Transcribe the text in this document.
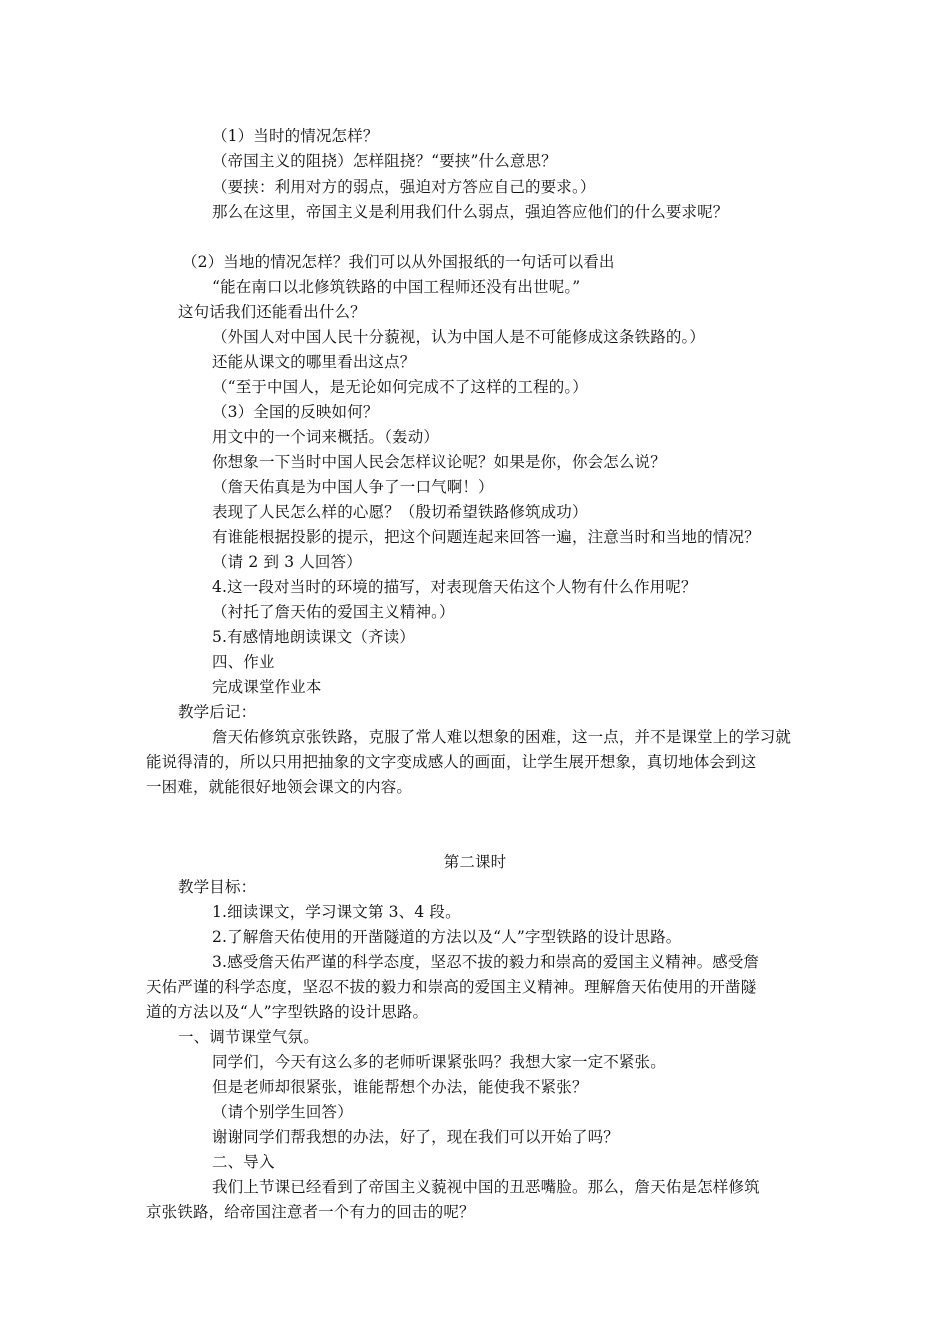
（1）当时的情况怎样？
（帝国主义的阻挠）怎样阻挠？“要挟”什么意思？
（要挟：利用对方的弱点，强迫对方答应自己的要求。）
那么在这里，帝国主义是利用我们什么弱点，强迫答应他们的什么要求呢？
（2）当地的情况怎样？我们可以从外国报纸的一句话可以看出
“能在南口以北修筑铁路的中国工程师还没有出世呢。”
这句话我们还能看出什么？
（外国人对中国人民十分藐视，认为中国人是不可能修成这条铁路的。）
还能从课文的哪里看出这点？
（“至于中国人，是无论如何完成不了这样的工程的。）
（3）全国的反映如何？
用文中的一个词来概括。（轰动）
你想象一下当时中国人民会怎样议论呢？如果是你，你会怎么说？
（詹天佑真是为中国人争了一口气啊！）
表现了人民怎么样的心愿？（殷切希望铁路修筑成功）
有谁能根据投影的提示，把这个问题连起来回答一遍，注意当时和当地的情况？
（请 2 到 3 人回答）
4.这一段对当时的环境的描写，对表现詹天佑这个人物有什么作用呢？
（衬托了詹天佑的爱国主义精神。）
5.有感情地朗读课文（齐读）
四、作业
完成课堂作业本
教学后记：
詹天佑修筑京张铁路，克服了常人难以想象的困难，这一点，并不是课堂上的学习就
能说得清的，所以只用把抽象的文字变成感人的画面，让学生展开想象，真切地体会到这
一困难，就能很好地领会课文的内容。
第二课时
教学目标：
1.细读课文，学习课文第 3、4 段。
2.了解詹天佑使用的开凿隧道的方法以及“人”字型铁路的设计思路。
3.感受詹天佑严谨的科学态度，坚忍不拔的毅力和崇高的爱国主义精神。感受詹
天佑严谨的科学态度，坚忍不拔的毅力和崇高的爱国主义精神。理解詹天佑使用的开凿隧
道的方法以及“人”字型铁路的设计思路。
一、调节课堂气氛。
同学们，今天有这么多的老师听课紧张吗？我想大家一定不紧张。
但是老师却很紧张，谁能帮想个办法，能使我不紧张？
（请个别学生回答）
谢谢同学们帮我想的办法，好了，现在我们可以开始了吗？
二、导入
我们上节课已经看到了帝国主义藐视中国的丑恶嘴脸。那么，詹天佑是怎样修筑
京张铁路，给帝国注意者一个有力的回击的呢？
